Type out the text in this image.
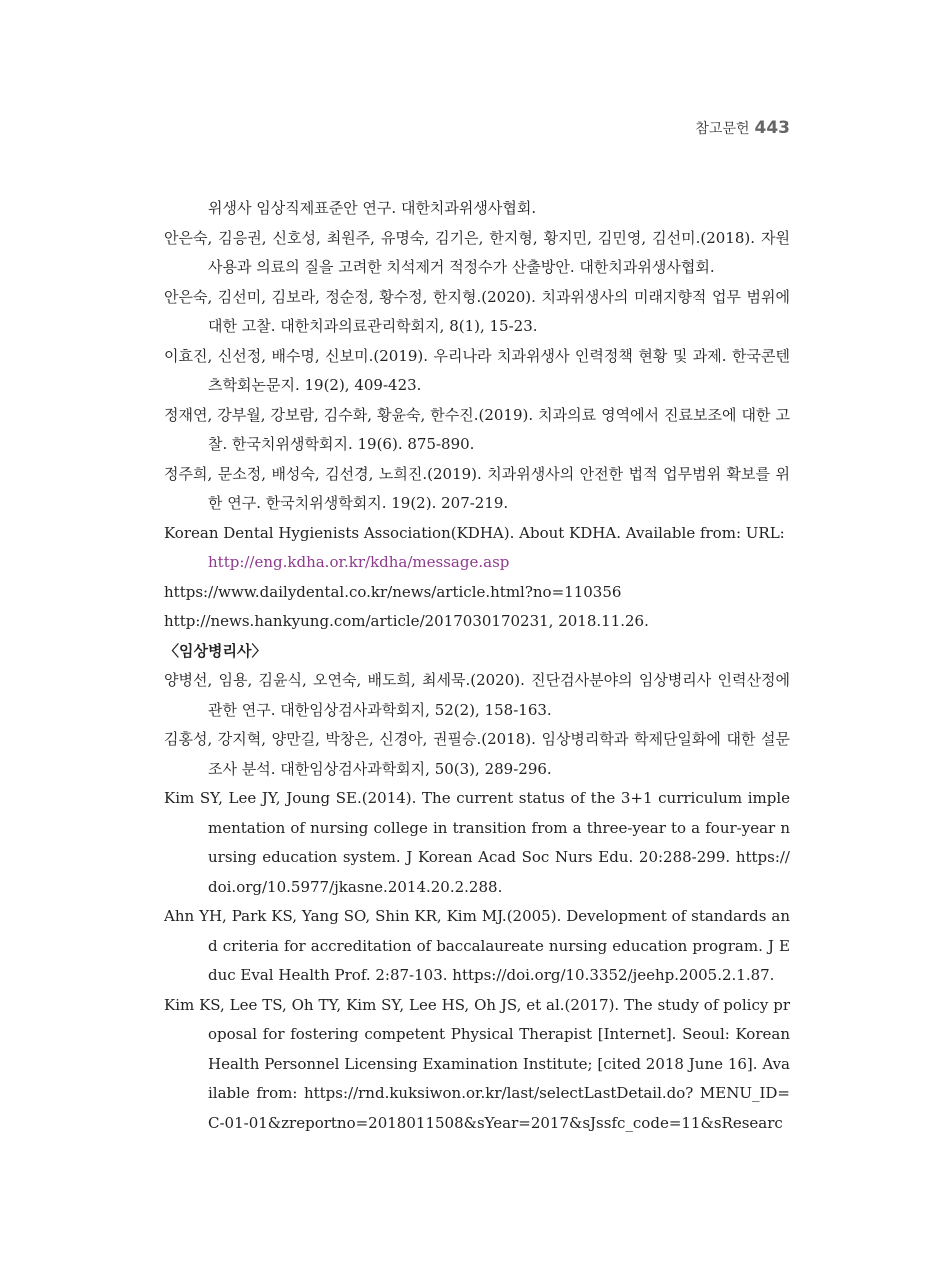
참고문헌 443

위생사 임상직제표준안 연구. 대한치과위생사협회.

안은숙, 김응권, 신호성, 최원주, 유명숙, 김기은, 한지형, 황지민, 김민영, 김선미.(2018). 자원사용과 의료의 질을 고려한 치석제거 적정수가 산출방안. 대한치과위생사협회.

안은숙, 김선미, 김보라, 정순정, 황수정, 한지형.(2020). 치과위생사의 미래지향적 업무 범위에 대한 고찰. 대한치과의료관리학회지, 8(1), 15-23.

이효진, 신선정, 배수명, 신보미.(2019). 우리나라 치과위생사 인력정책 현황 및 과제. 한국콘텐츠학회논문지. 19(2), 409-423.

정재연, 강부월, 강보람, 김수화, 황윤숙, 한수진.(2019). 치과의료 영역에서 진료보조에 대한 고찰. 한국치위생학회지. 19(6). 875-890.

정주희, 문소정, 배성숙, 김선경, 노희진.(2019). 치과위생사의 안전한 법적 업무범위 확보를 위한 연구. 한국치위생학회지. 19(2). 207-219.

Korean Dental Hygienists Association(KDHA). About KDHA. Available from: URL:
http://eng.kdha.or.kr/kdha/message.asp

https://www.dailydental.co.kr/news/article.html?no=110356

http://news.hankyung.com/article/2017030170231, 2018.11.26.

〈임상병리사〉

양병선, 임용, 김윤식, 오연숙, 배도희, 최세묵.(2020). 진단검사분야의 임상병리사 인력산정에 관한 연구. 대한임상검사과학회지, 52(2), 158-163.

김홍성, 강지혁, 양만길, 박창은, 신경아, 권필승.(2018). 임상병리학과 학제단일화에 대한 설문조사 분석. 대한임상검사과학회지, 50(3), 289-296.

Kim SY, Lee JY, Joung SE.(2014). The current status of the 3+1 curriculum implementation of nursing college in transition from a three-year to a four-year nursing education system. J Korean Acad Soc Nurs Edu. 20:288-299. https://doi.org/10.5977/jkasne.2014.20.2.288.

Ahn YH, Park KS, Yang SO, Shin KR, Kim MJ.(2005). Development of standards and criteria for accreditation of baccalaureate nursing education program. J Educ Eval Health Prof. 2:87-103. https://doi.org/10.3352/jeehp.2005.2.1.87.

Kim KS, Lee TS, Oh TY, Kim SY, Lee HS, Oh JS, et al.(2017). The study of policy proposal for fostering competent Physical Therapist [Internet]. Seoul: Korean Health Personnel Licensing Examination Institute; [cited 2018 June 16]. Available from: https://rnd.kuksiwon.or.kr/last/selectLastDetail.do? MENU_ID=C-01-01&zreportno=2018011508&sYear=2017&sJssfc_code=11&sResearc
